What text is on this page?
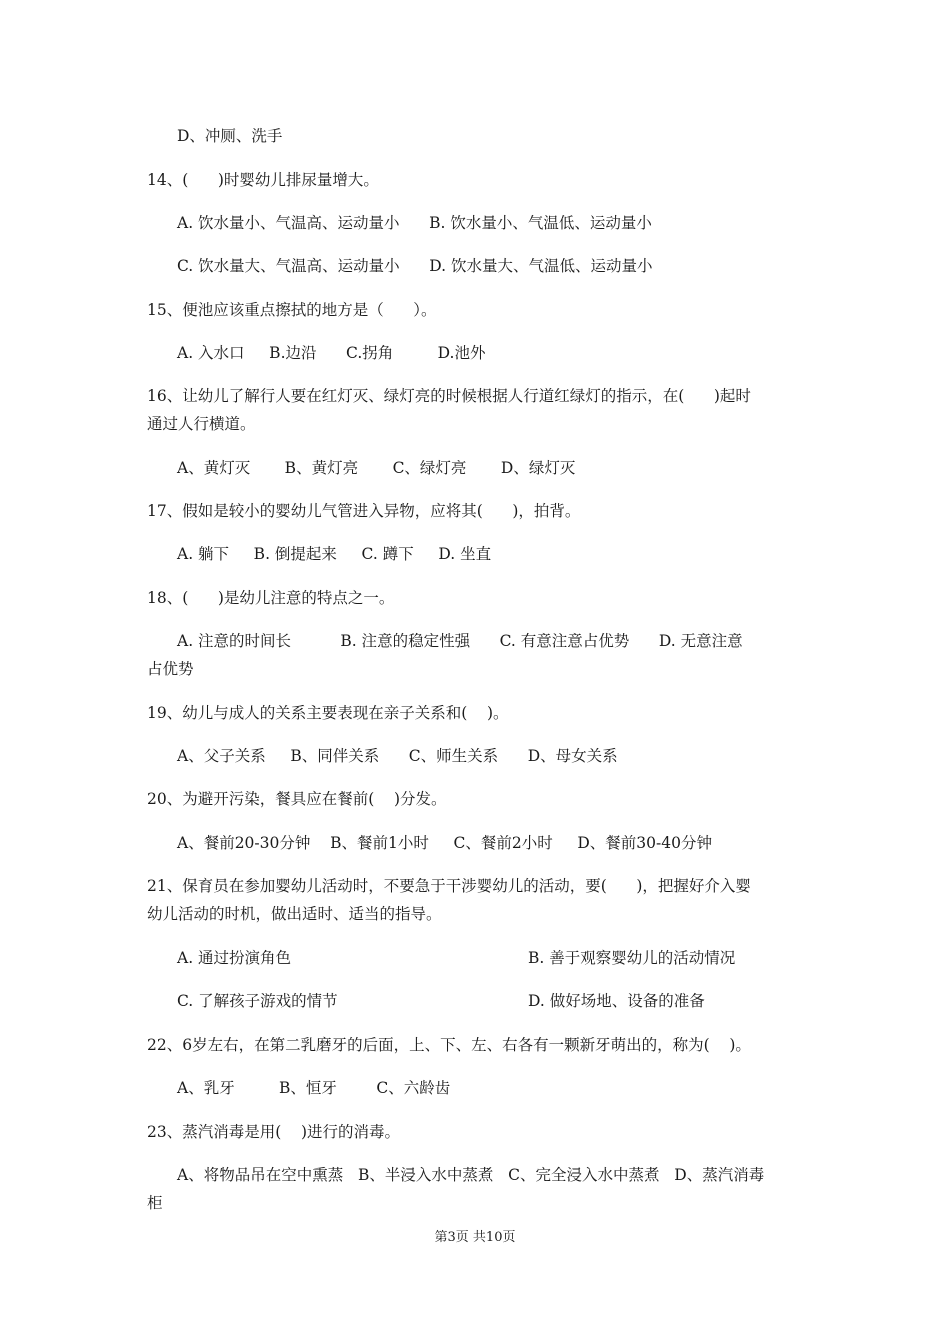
D、冲厕、洗手
14、(      )时婴幼儿排尿量增大。
A. 饮水量小、气温高、运动量小      B. 饮水量小、气温低、运动量小
C. 饮水量大、气温高、运动量小      D. 饮水量大、气温低、运动量小
15、便池应该重点擦拭的地方是（      ）。
A. 入水口     B.边沿      C.拐角         D.池外
16、让幼儿了解行人要在红灯灭、绿灯亮的时候根据人行道红绿灯的指示，在(      )起时
通过人行横道。
A、黄灯灭       B、黄灯亮       C、绿灯亮       D、绿灯灭
17、假如是较小的婴幼儿气管进入异物，应将其(      )，拍背。
A. 躺下     B. 倒提起来     C. 蹲下     D. 坐直
18、(      )是幼儿注意的特点之一。
A. 注意的时间长          B. 注意的稳定性强      C. 有意注意占优势      D. 无意注意
占优势
19、幼儿与成人的关系主要表现在亲子关系和(    )。
A、父子关系     B、同伴关系      C、师生关系      D、母女关系
20、为避开污染，餐具应在餐前(    )分发。
A、餐前20-30分钟    B、餐前1小时     C、餐前2小时     D、餐前30-40分钟
21、保育员在参加婴幼儿活动时，不要急于干涉婴幼儿的活动，要(      )，把握好介入婴
幼儿活动的时机，做出适时、适当的指导。
A. 通过扮演角色	B. 善于观察婴幼儿的活动情况
C. 了解孩子游戏的情节	D. 做好场地、设备的准备
22、6岁左右，在第二乳磨牙的后面，上、下、左、右各有一颗新牙萌出的，称为(    )。
A、乳牙         B、恒牙        C、六龄齿
23、蒸汽消毒是用(    )进行的消毒。
A、将物品吊在空中熏蒸   B、半浸入水中蒸煮   C、完全浸入水中蒸煮   D、蒸汽消毒
柜
第3页 共10页
